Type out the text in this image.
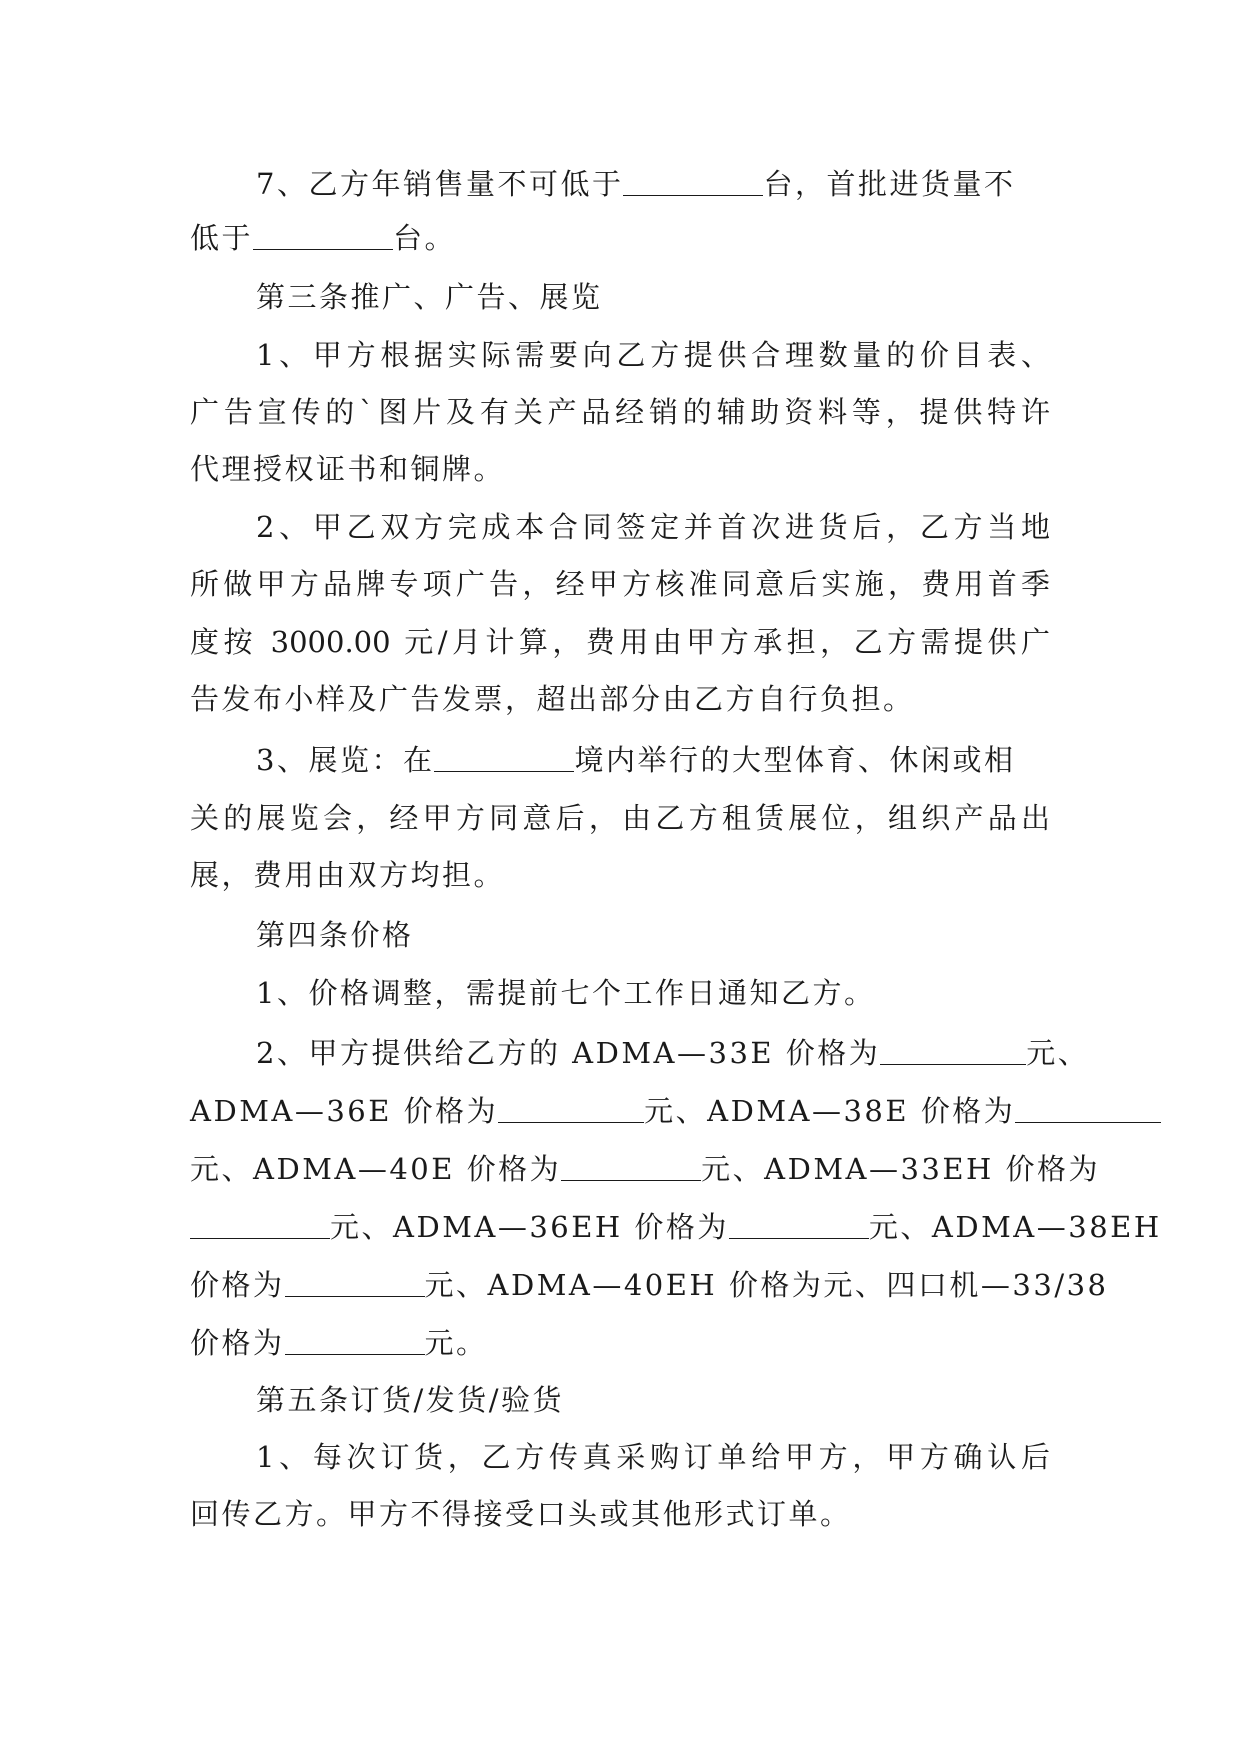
7、乙方年销售量不可低于	台，首批进货量不
低于	台。
第三条推广、广告、展览
1、甲方根据实际需要向乙方提供合理数量的价目表、
广告宣传的`图片及有关产品经销的辅助资料等，提供特许
代理授权证书和铜牌。
2、甲乙双方完成本合同签定并首次进货后，乙方当地
所做甲方品牌专项广告，经甲方核准同意后实施，费用首季
度按 3000.00 元/月计算，费用由甲方承担，乙方需提供广
告发布小样及广告发票，超出部分由乙方自行负担。
3、展览：在	境内举行的大型体育、休闲或相
关的展览会，经甲方同意后，由乙方租赁展位，组织产品出
展，费用由双方均担。
第四条价格
1、价格调整，需提前七个工作日通知乙方。
2、甲方提供给乙方的 ADMA—33E 价格为	元、
ADMA—36E 价格为	元、ADMA—38E 价格为
元、ADMA—40E 价格为	元、ADMA—33EH 价格为
元、ADMA—36EH 价格为	元、ADMA—38EH
价格为	元、ADMA—40EH 价格为元、四口机—33/38
价格为	元。
第五条订货/发货/验货
1、每次订货，乙方传真采购订单给甲方，甲方确认后
回传乙方。甲方不得接受口头或其他形式订单。
